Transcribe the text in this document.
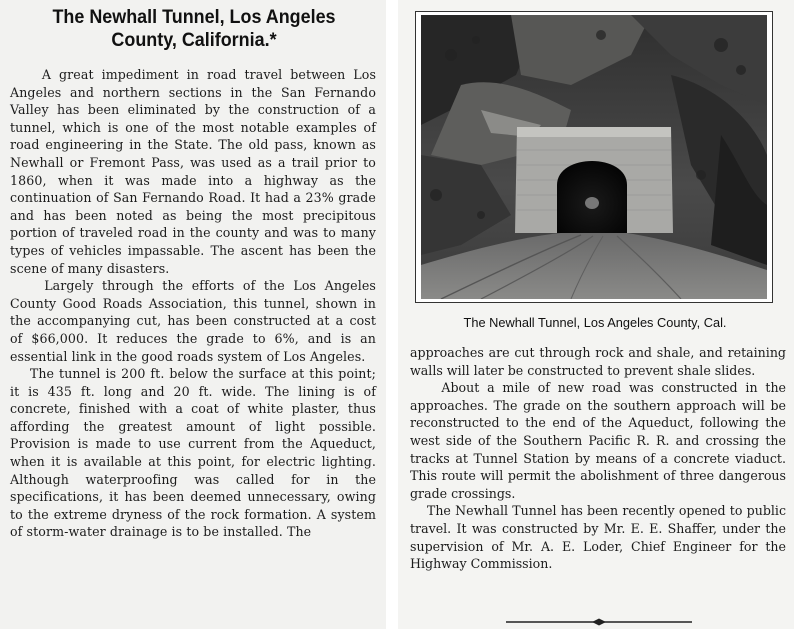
The Newhall Tunnel, Los Angeles County, California.*

A great impediment in road travel between Los Angeles and northern sections in the San Fernando Valley has been eliminated by the construction of a tunnel, which is one of the most notable examples of road engineering in the State. The old pass, known as Newhall or Fremont Pass, was used as a trail prior to 1860, when it was made into a highway as the continuation of San Fernando Road. It had a 23% grade and has been noted as being the most precipitous portion of traveled road in the county and was to many types of vehicles impassable. The ascent has been the scene of many disasters.

Largely through the efforts of the Los Angeles County Good Roads Association, this tunnel, shown in the accompanying cut, has been constructed at a cost of $66,000. It reduces the grade to 6%, and is an essential link in the good roads system of Los Angeles.

The tunnel is 200 ft. below the surface at this point; it is 435 ft. long and 20 ft. wide. The lining is of concrete, finished with a coat of white plaster, thus affording the greatest amount of light possible. Provision is made to use current from the Aqueduct, when it is available at this point, for electric lighting. Although waterproofing was called for in the specifications, it has been deemed unnecessary, owing to the extreme dryness of the rock formation. A system of storm-water drainage is to be installed. The

The Newhall Tunnel, Los Angeles County, Cal.

approaches are cut through rock and shale, and retaining walls will later be constructed to prevent shale slides.

About a mile of new road was constructed in the approaches. The grade on the southern approach will be reconstructed to the end of the Aqueduct, following the west side of the Southern Pacific R. R. and crossing the tracks at Tunnel Station by means of a concrete viaduct. This route will permit the abolishment of three dangerous grade crossings.

The Newhall Tunnel has been recently opened to public travel. It was constructed by Mr. E. E. Shaffer, under the supervision of Mr. A. E. Loder, Chief Engineer for the Highway Commission.
